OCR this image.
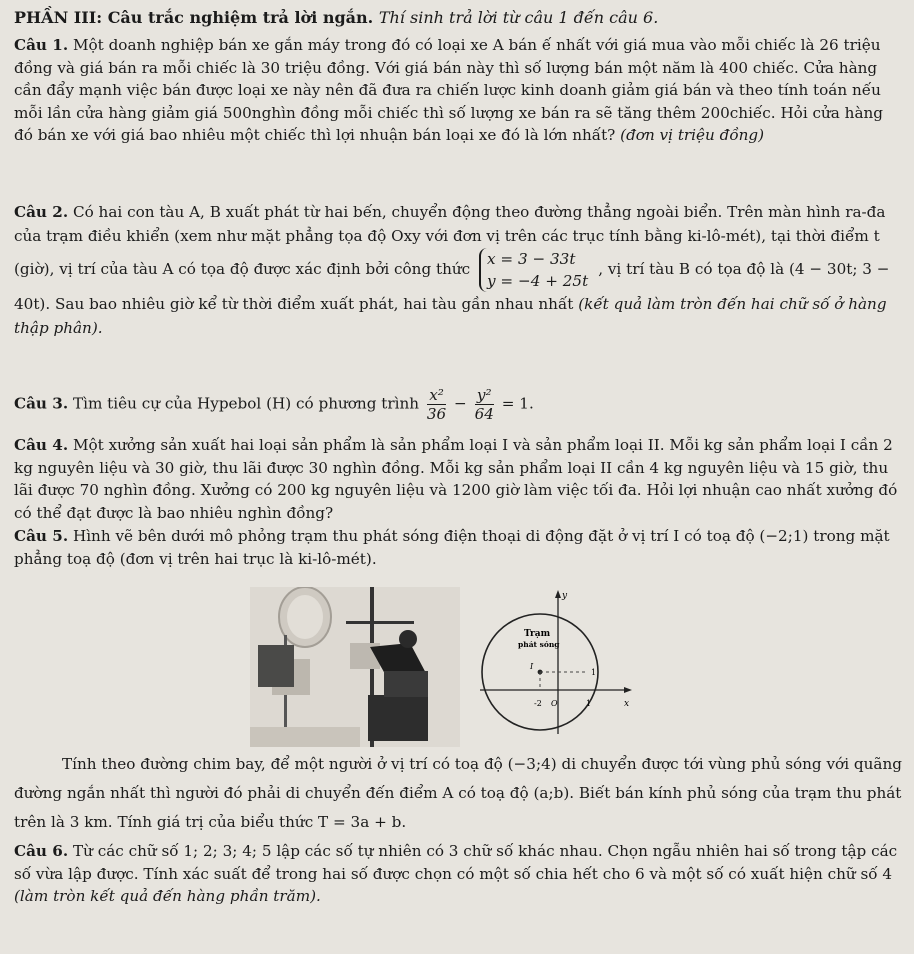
PHẦN III: Câu trắc nghiệm trả lời ngắn. Thí sinh trả lời từ câu 1 đến câu 6.
Câu 1. Một doanh nghiệp bán xe gắn máy trong đó có loại xe A bán ế nhất với giá mua vào mỗi chiếc là 26 triệu đồng và giá bán ra mỗi chiếc là 30 triệu đồng. Với giá bán này thì số lượng bán một năm là 400 chiếc. Cửa hàng cần đẩy mạnh việc bán được loại xe này nên đã đưa ra chiến lược kinh doanh giảm giá bán và theo tính toán nếu mỗi lần cửa hàng giảm giá 500nghìn đồng mỗi chiếc thì số lượng xe bán ra sẽ tăng thêm 200chiếc. Hỏi cửa hàng đó bán xe với giá bao nhiêu một chiếc thì lợi nhuận bán loại xe đó là lớn nhất? (đơn vị triệu đồng)
Câu 2. Có hai con tàu A, B xuất phát từ hai bến, chuyển động theo đường thẳng ngoài biển. Trên màn hình ra-đa của trạm điều khiển (xem như mặt phẳng tọa độ Oxy với đơn vị trên các trục tính bằng ki-lô-mét), tại thời điểm t (giờ), vị trí của tàu A có tọa độ được xác định bởi công thức
x = 3 − 33t
y = −4 + 25t
, vị trí tàu B có tọa độ là (4 − 30t; 3 − 40t). Sau bao nhiêu giờ kể từ thời điểm xuất phát, hai tàu gần nhau nhất (kết quả làm tròn đến hai chữ số ở hàng thập phân).
Câu 3. Tìm tiêu cự của Hypebol (H) có phương trình $\frac{\text{x²}}{36} - \frac{\text{y²}}{64} = 1$.
Câu 4. Một xưởng sản xuất hai loại sản phẩm là sản phẩm loại I và sản phẩm loại II. Mỗi kg sản phẩm loại I cần 2 kg nguyên liệu và 30 giờ, thu lãi được 30 nghìn đồng. Mỗi kg sản phẩm loại II cần 4 kg nguyên liệu và 15 giờ, thu lãi được 70 nghìn đồng. Xưởng có 200 kg nguyên liệu và 1200 giờ làm việc tối đa. Hỏi lợi nhuận cao nhất xưởng đó có thể đạt được là bao nhiêu nghìn đồng?
Câu 5. Hình vẽ bên dưới mô phỏng trạm thu phát sóng điện thoại di động đặt ở vị trí I có toạ độ (−2;1) trong mặt phẳng toạ độ (đơn vị trên hai trục là ki-lô-mét).
y
x
Trạm
phát sóng
I
1
-2 O	1
Tính theo đường chim bay, để một người ở vị trí có toạ độ (−3;4) di chuyển được tới vùng phủ sóng với quãng đường ngắn nhất thì người đó phải di chuyển đến điểm A có toạ độ (a;b). Biết bán kính phủ sóng của trạm thu phát trên là 3 km. Tính giá trị của biểu thức T = 3a + b.
Câu 6. Từ các chữ số 1; 2; 3; 4; 5 lập các số tự nhiên có 3 chữ số khác nhau. Chọn ngẫu nhiên hai số trong tập các số vừa lập được. Tính xác suất để trong hai số được chọn có một số chia hết cho 6 và một số có xuất hiện chữ số 4 (làm tròn kết quả đến hàng phần trăm).
